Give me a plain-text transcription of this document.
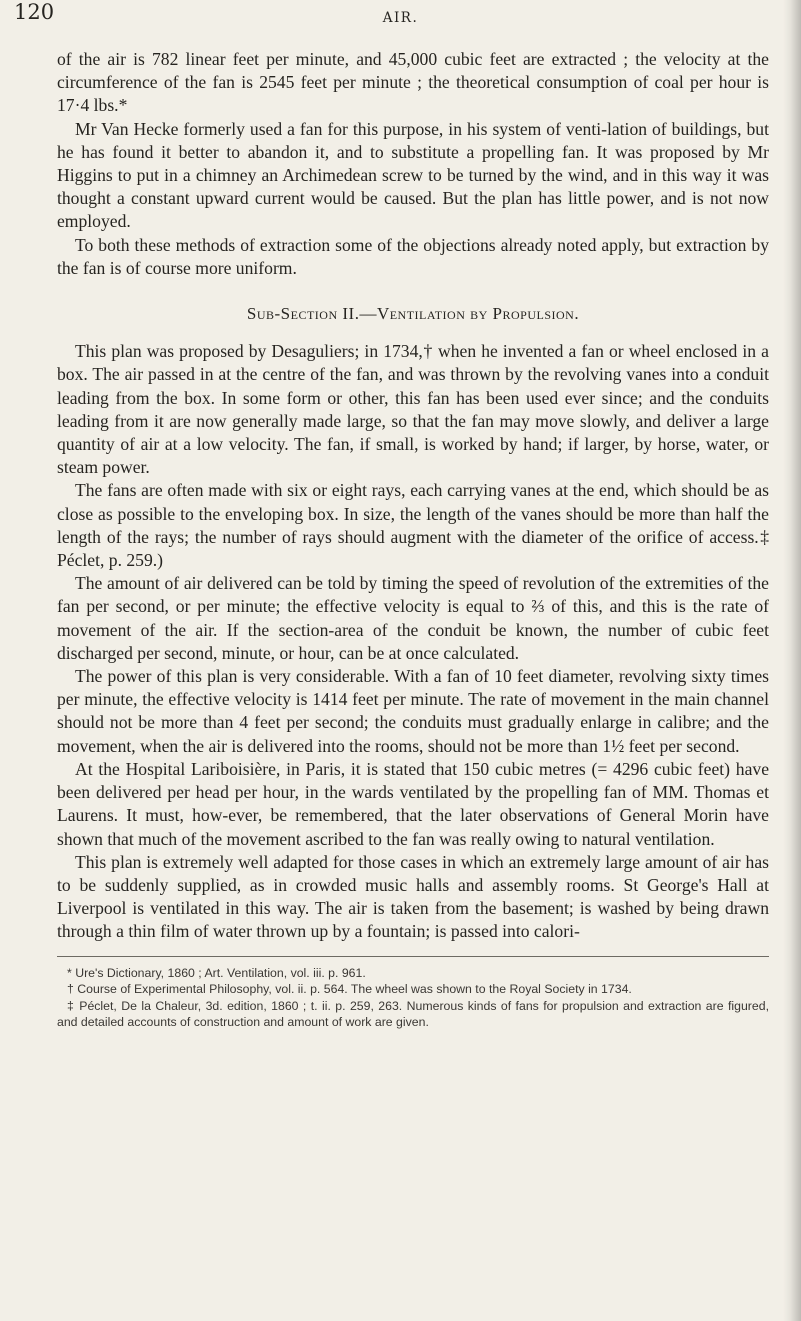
120	AIR.

of the air is 782 linear feet per minute, and 45,000 cubic feet are extracted ; the velocity at the circumference of the fan is 2545 feet per minute ; the theoretical consumption of coal per hour is 17·4 lbs.*

Mr Van Hecke formerly used a fan for this purpose, in his system of venti-lation of buildings, but he has found it better to abandon it, and to substitute a propelling fan. It was proposed by Mr Higgins to put in a chimney an Archimedean screw to be turned by the wind, and in this way it was thought a constant upward current would be caused. But the plan has little power, and is not now employed.

To both these methods of extraction some of the objections already noted apply, but extraction by the fan is of course more uniform.

Sub-Section II.—Ventilation by Propulsion.

This plan was proposed by Desaguliers; in 1734,† when he invented a fan or wheel enclosed in a box. The air passed in at the centre of the fan, and was thrown by the revolving vanes into a conduit leading from the box. In some form or other, this fan has been used ever since; and the conduits leading from it are now generally made large, so that the fan may move slowly, and deliver a large quantity of air at a low velocity. The fan, if small, is worked by hand; if larger, by horse, water, or steam power.

The fans are often made with six or eight rays, each carrying vanes at the end, which should be as close as possible to the enveloping box. In size, the length of the vanes should be more than half the length of the rays; the number of rays should augment with the diameter of the orifice of access.‡ Péclet, p. 259.)

The amount of air delivered can be told by timing the speed of revolution of the extremities of the fan per second, or per minute; the effective velocity is equal to ⅔ of this, and this is the rate of movement of the air. If the section-area of the conduit be known, the number of cubic feet discharged per second, minute, or hour, can be at once calculated.

The power of this plan is very considerable. With a fan of 10 feet diameter, revolving sixty times per minute, the effective velocity is 1414 feet per minute. The rate of movement in the main channel should not be more than 4 feet per second; the conduits must gradually enlarge in calibre; and the movement, when the air is delivered into the rooms, should not be more than 1½ feet per second.

At the Hospital Lariboisière, in Paris, it is stated that 150 cubic metres (= 4296 cubic feet) have been delivered per head per hour, in the wards ventilated by the propelling fan of MM. Thomas et Laurens. It must, how-ever, be remembered, that the later observations of General Morin have shown that much of the movement ascribed to the fan was really owing to natural ventilation.

This plan is extremely well adapted for those cases in which an extremely large amount of air has to be suddenly supplied, as in crowded music halls and assembly rooms. St George's Hall at Liverpool is ventilated in this way. The air is taken from the basement; is washed by being drawn through a thin film of water thrown up by a fountain; is passed into calori-

* Ure's Dictionary, 1860 ; Art. Ventilation, vol. iii. p. 961.

† Course of Experimental Philosophy, vol. ii. p. 564. The wheel was shown to the Royal Society in 1734.

‡ Péclet, De la Chaleur, 3d. edition, 1860 ; t. ii. p. 259, 263. Numerous kinds of fans for propulsion and extraction are figured, and detailed accounts of construction and amount of work are given.
